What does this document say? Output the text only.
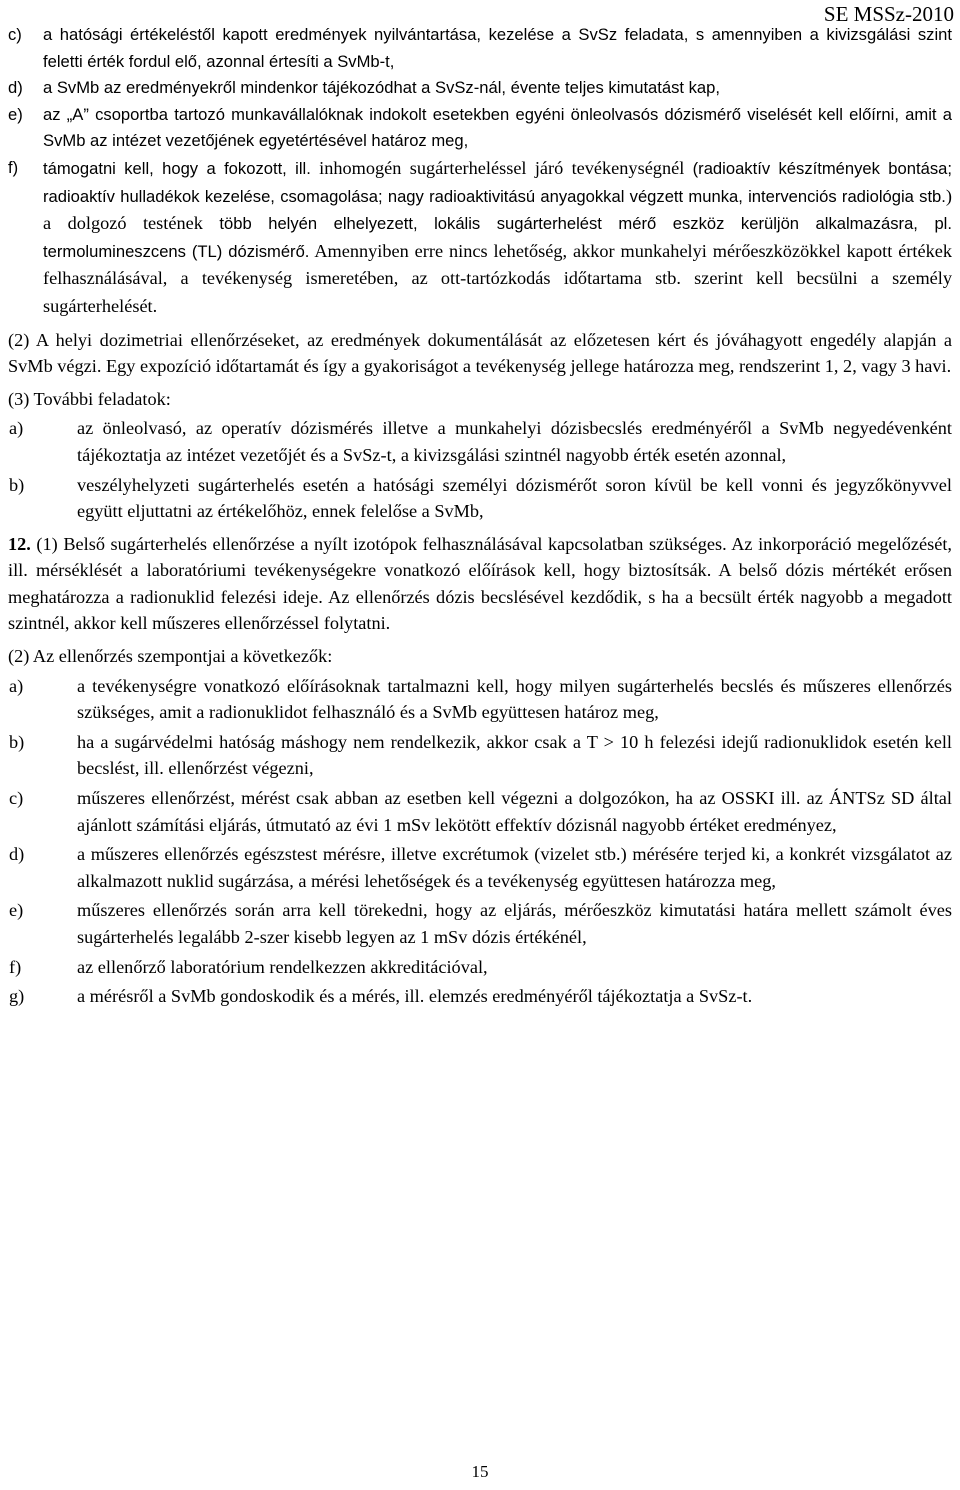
SE MSSz-2010
c)	a hatósági értékeléstől kapott eredmények nyilvántartása, kezelése a SvSz feladata, s amennyiben a kivizsgálási szint feletti érték fordul elő, azonnal értesíti a SvMb-t,
d)	a SvMb az eredményekről mindenkor tájékozódhat a SvSz-nál, évente teljes kimutatást kap,
e)	az „A” csoportba tartozó munkavállalóknak indokolt esetekben egyéni önleolvasós dózismérő viselését kell előírni, amit a SvMb az intézet vezetőjének egyetértésével határoz meg,
f)	támogatni kell, hogy a fokozott, ill. inhomogén sugárterheléssel járó tevékenységnél (radioaktív készítmények bontása; radioaktív hulladékok kezelése, csomagolása; nagy radioaktivitású anyagokkal végzett munka, intervenciós radiológia stb.) a dolgozó testének több helyén elhelyezett, lokális sugárterhelést mérő eszköz kerüljön alkalmazásra, pl. termolumineszcens (TL) dózismérő. Amennyiben erre nincs lehetőség, akkor munkahelyi mérőeszközökkel kapott értékek felhasználásával, a tevékenység ismeretében, az ott-tartózkodás időtartama stb. szerint kell becsülni a személy sugárterhelését.

(2) A helyi dozimetriai ellenőrzéseket, az eredmények dokumentálását az előzetesen kért és jóváhagyott engedély alapján a SvMb végzi. Egy expozíció időtartamát és így a gyakoriságot a tevékenység jellege határozza meg, rendszerint 1, 2, vagy 3 havi.

(3) További feladatok:

a)	az önleolvasó, az operatív dózismérés illetve a munkahelyi dózisbecslés eredményéről a SvMb negyedévenként tájékoztatja az intézet vezetőjét és a SvSz-t, a kivizsgálási szintnél nagyobb érték esetén azonnal,
b)	veszélyhelyzeti sugárterhelés esetén a hatósági személyi dózismérőt soron kívül be kell vonni és jegyzőkönyvvel együtt eljuttatni az értékelőhöz, ennek felelőse a SvMb,

12. (1) Belső sugárterhelés ellenőrzése a nyílt izotópok felhasználásával kapcsolatban szükséges. Az inkorporáció megelőzését, ill. mérséklését a laboratóriumi tevékenységekre vonatkozó előírások kell, hogy biztosítsák. A belső dózis mértékét erősen meghatározza a radionuklid felezési ideje. Az ellenőrzés dózis becslésével kezdődik, s ha a becsült érték nagyobb a megadott szintnél, akkor kell műszeres ellenőrzéssel folytatni.

(2) Az ellenőrzés szempontjai a következők:

a)	a tevékenységre vonatkozó előírásoknak tartalmazni kell, hogy milyen sugárterhelés becslés és műszeres ellenőrzés szükséges, amit a radionuklidot felhasználó és a SvMb együttesen határoz meg,
b)	ha a sugárvédelmi hatóság máshogy nem rendelkezik, akkor csak a T > 10 h felezési idejű radionuklidok esetén kell becslést, ill. ellenőrzést végezni,
c)	műszeres ellenőrzést, mérést csak abban az esetben kell végezni a dolgozókon, ha az OSSKI ill. az ÁNTSz SD által ajánlott számítási eljárás, útmutató az évi 1 mSv lekötött effektív dózisnál nagyobb értéket eredményez,
d)	a műszeres ellenőrzés egészstest mérésre, illetve excrétumok (vizelet stb.) mérésére terjed ki, a konkrét vizsgálatot az alkalmazott nuklid sugárzása, a mérési lehetőségek és a tevékenység együttesen határozza meg,
e)	műszeres ellenőrzés során arra kell törekedni, hogy az eljárás, mérőeszköz kimutatási határa mellett számolt éves sugárterhelés legalább 2-szer kisebb legyen az 1 mSv dózis értékénél,
f)	az ellenőrző laboratórium rendelkezzen akkreditációval,
g)	a mérésről a SvMb gondoskodik és a mérés, ill. elemzés eredményéről tájékoztatja a SvSz-t.
15
